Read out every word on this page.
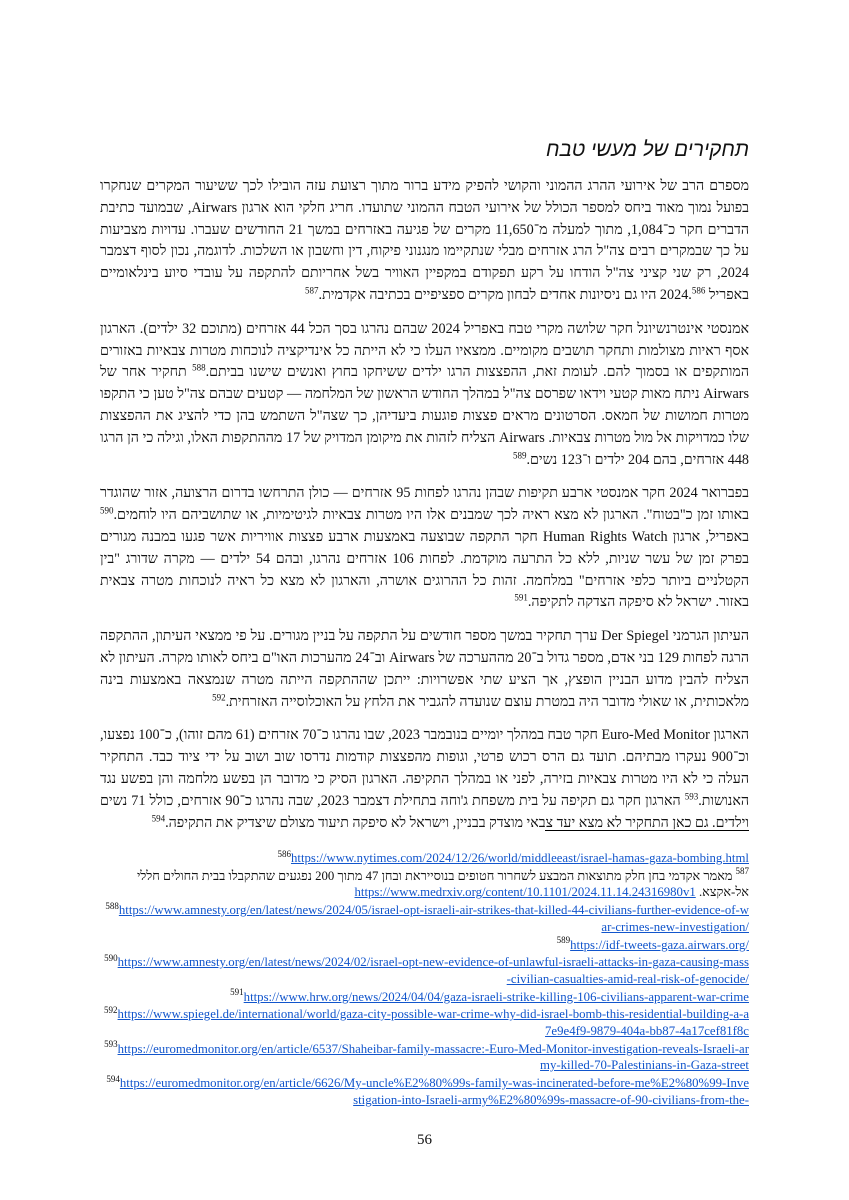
תחקירים של מעשי טבח

מספרם הרב של אירועי ההרג ההמוני והקושי להפיק מידע ברור מתוך רצועת עזה הובילו לכך ששיעור המקרים שנחקרו בפועל נמוך מאוד ביחס למספר הכולל של אירועי הטבח ההמוני שתועדו. חריג חלקי הוא ארגון Airwars, שבמועד כתיבת הדברים חקר כ־1,084, מתוך למעלה מ־11,650 מקרים של פגיעה באזרחים במשך 21 החודשים שעברו. עדויות מצביעות על כך שבמקרים רבים צה"ל הרג אזרחים מבלי שנתקיימו מנגנוני פיקוח, דין וחשבון או השלכות. לדוגמה, נכון לסוף דצמבר 2024, רק שני קציני צה"ל הודחו על רקע תפקודם במקפיין האוויר בשל אחריותם להתקפה על עובדי סיוע בינלאומיים באפריל 2024.$^{586}$ היו גם ניסיונות אחדים לבחון מקרים ספציפיים בכתיבה אקדמית.$^{587}$

אמנסטי אינטרנשיונל חקר שלושה מקרי טבח באפריל 2024 שבהם נהרגו בסך הכל 44 אזרחים (מתוכם 32 ילדים). הארגון אסף ראיות מצולמות ותחקר תושבים מקומיים. ממצאיו העלו כי לא הייתה כל אינדיקציה לנוכחות מטרות צבאיות באזורים המותקפים או בסמוך להם. לעומת זאת, ההפצצות הרגו ילדים ששיחקו בחוץ ואנשים שישנו בביתם.$^{588}$ תחקיר אחר של Airwars ניתח מאות קטעי וידאו שפרסם צה"ל במהלך החודש הראשון של המלחמה — קטעים שבהם צה"ל טען כי התקפו מטרות חמושות של חמאס. הסרטונים מראים פצצות פוגעות ביעדיהן, כך שצה"ל השתמש בהן כדי להציג את ההפצצות שלו כמדויקות אל מול מטרות צבאיות. Airwars הצליח לזהות את מיקומן המדויק של 17 מההתקפות האלו, וגילה כי הן הרגו 448 אזרחים, בהם 204 ילדים ו־123 נשים.$^{589}$

בפברואר 2024 חקר אמנסטי ארבע תקיפות שבהן נהרגו לפחות 95 אזרחים — כולן התרחשו בדרום הרצועה, אזור שהוגדר באותו זמן כ"בטוח". הארגון לא מצא ראיה לכך שמבנים אלו היו מטרות צבאיות לגיטימיות, או שתושביהם היו לוחמים.$^{590}$ באפריל, ארגון Human Rights Watch חקר התקפה שבוצעה באמצעות ארבע פצצות אוויריות אשר פגעו במבנה מגורים בפרק זמן של עשר שניות, ללא כל התרעה מוקדמת. לפחות 106 אזרחים נהרגו, ובהם 54 ילדים — מקרה שדורג "בין הקטלניים ביותר כלפי אזרחים" במלחמה. זהות כל ההרוגים אושרה, והארגון לא מצא כל ראיה לנוכחות מטרה צבאית באזור. ישראל לא סיפקה הצדקה לתקיפה.$^{591}$

העיתון הגרמני Der Spiegel ערך תחקיר במשך מספר חודשים על התקפה על בניין מגורים. על פי ממצאי העיתון, ההתקפה הרגה לפחות 129 בני אדם, מספר גדול ב־20 מההערכה של Airwars וב־24 מהערכות האו"ם ביחס לאותו מקרה. העיתון לא הצליח להבין מדוע הבניין הופצץ, אך הציע שתי אפשרויות: ייתכן שההתקפה הייתה מטרה שנמצאה באמצעות בינה מלאכותית, או שאולי מדובר היה במטרת עוצם שנועדה להגביר את הלחץ על האוכלוסייה האזרחית.$^{592}$

הארגון Euro-Med Monitor חקר טבח במהלך יומיים בנובמבר 2023, שבו נהרגו כ־70 אזרחים (61 מהם זוהו), כ־100 נפצעו, וכ־900 נעקרו מבתיהם. תועד גם הרס רכוש פרטי, וגופות מהפצצות קודמות נדרסו שוב ושוב על ידי ציוד כבד. התחקיר העלה כי לא היו מטרות צבאיות בזירה, לפני או במהלך התקיפה. הארגון הסיק כי מדובר הן בפשע מלחמה והן בפשע נגד האנושות.$^{593}$ הארגון חקר גם תקיפה על בית משפחת ג'וחה בתחילת דצמבר 2023, שבה נהרגו כ־90 אזרחים, כולל 71 נשים וילדים. גם כאן התחקיר לא מצא יעד צבאי מוצדק בבניין, וישראל לא סיפקה תיעוד מצולם שיצדיק את התקיפה.$^{594}$

$^{586}$https://www.nytimes.com/2024/12/26/world/middleeast/israel-hamas-gaza-bombing.html
$^{587}$מאמר אקדמי בחן חלק מתוצאות המבצע לשחרור חטופים בנוסייראת ובחן 47 מתוך 200 נפגעים שהתקבלו בבית החולים חללי אל-אקצא. https://www.medrxiv.org/content/10.1101/2024.11.14.24316980v1
$^{588}$https://www.amnesty.org/en/latest/news/2024/05/israel-opt-israeli-air-strikes-that-killed-44-civilians-further-evidence-of-war-crimes-new-investigation/
$^{589}$https://idf-tweets-gaza.airwars.org/
$^{590}$https://www.amnesty.org/en/latest/news/2024/02/israel-opt-new-evidence-of-unlawful-israeli-attacks-in-gaza-causing-mass-civilian-casualties-amid-real-risk-of-genocide/
$^{591}$https://www.hrw.org/news/2024/04/04/gaza-israeli-strike-killing-106-civilians-apparent-war-crime
$^{592}$https://www.spiegel.de/international/world/gaza-city-possible-war-crime-why-did-israel-bomb-this-residential-building-a-a7e9e4f9-9879-404a-bb87-4a17cef81f8c
$^{593}$https://euromedmonitor.org/en/article/6537/Shaheibar-family-massacre:-Euro-Med-Monitor-investigation-reveals-Israeli-army-killed-70-Palestinians-in-Gaza-street
$^{594}$https://euromedmonitor.org/en/article/6626/My-uncle%E2%80%99s-family-was-incinerated-before-me%E2%80%99-Investigation-into-Israeli-army%E2%80%99s-massacre-of-90-civilians-from-the-
56
